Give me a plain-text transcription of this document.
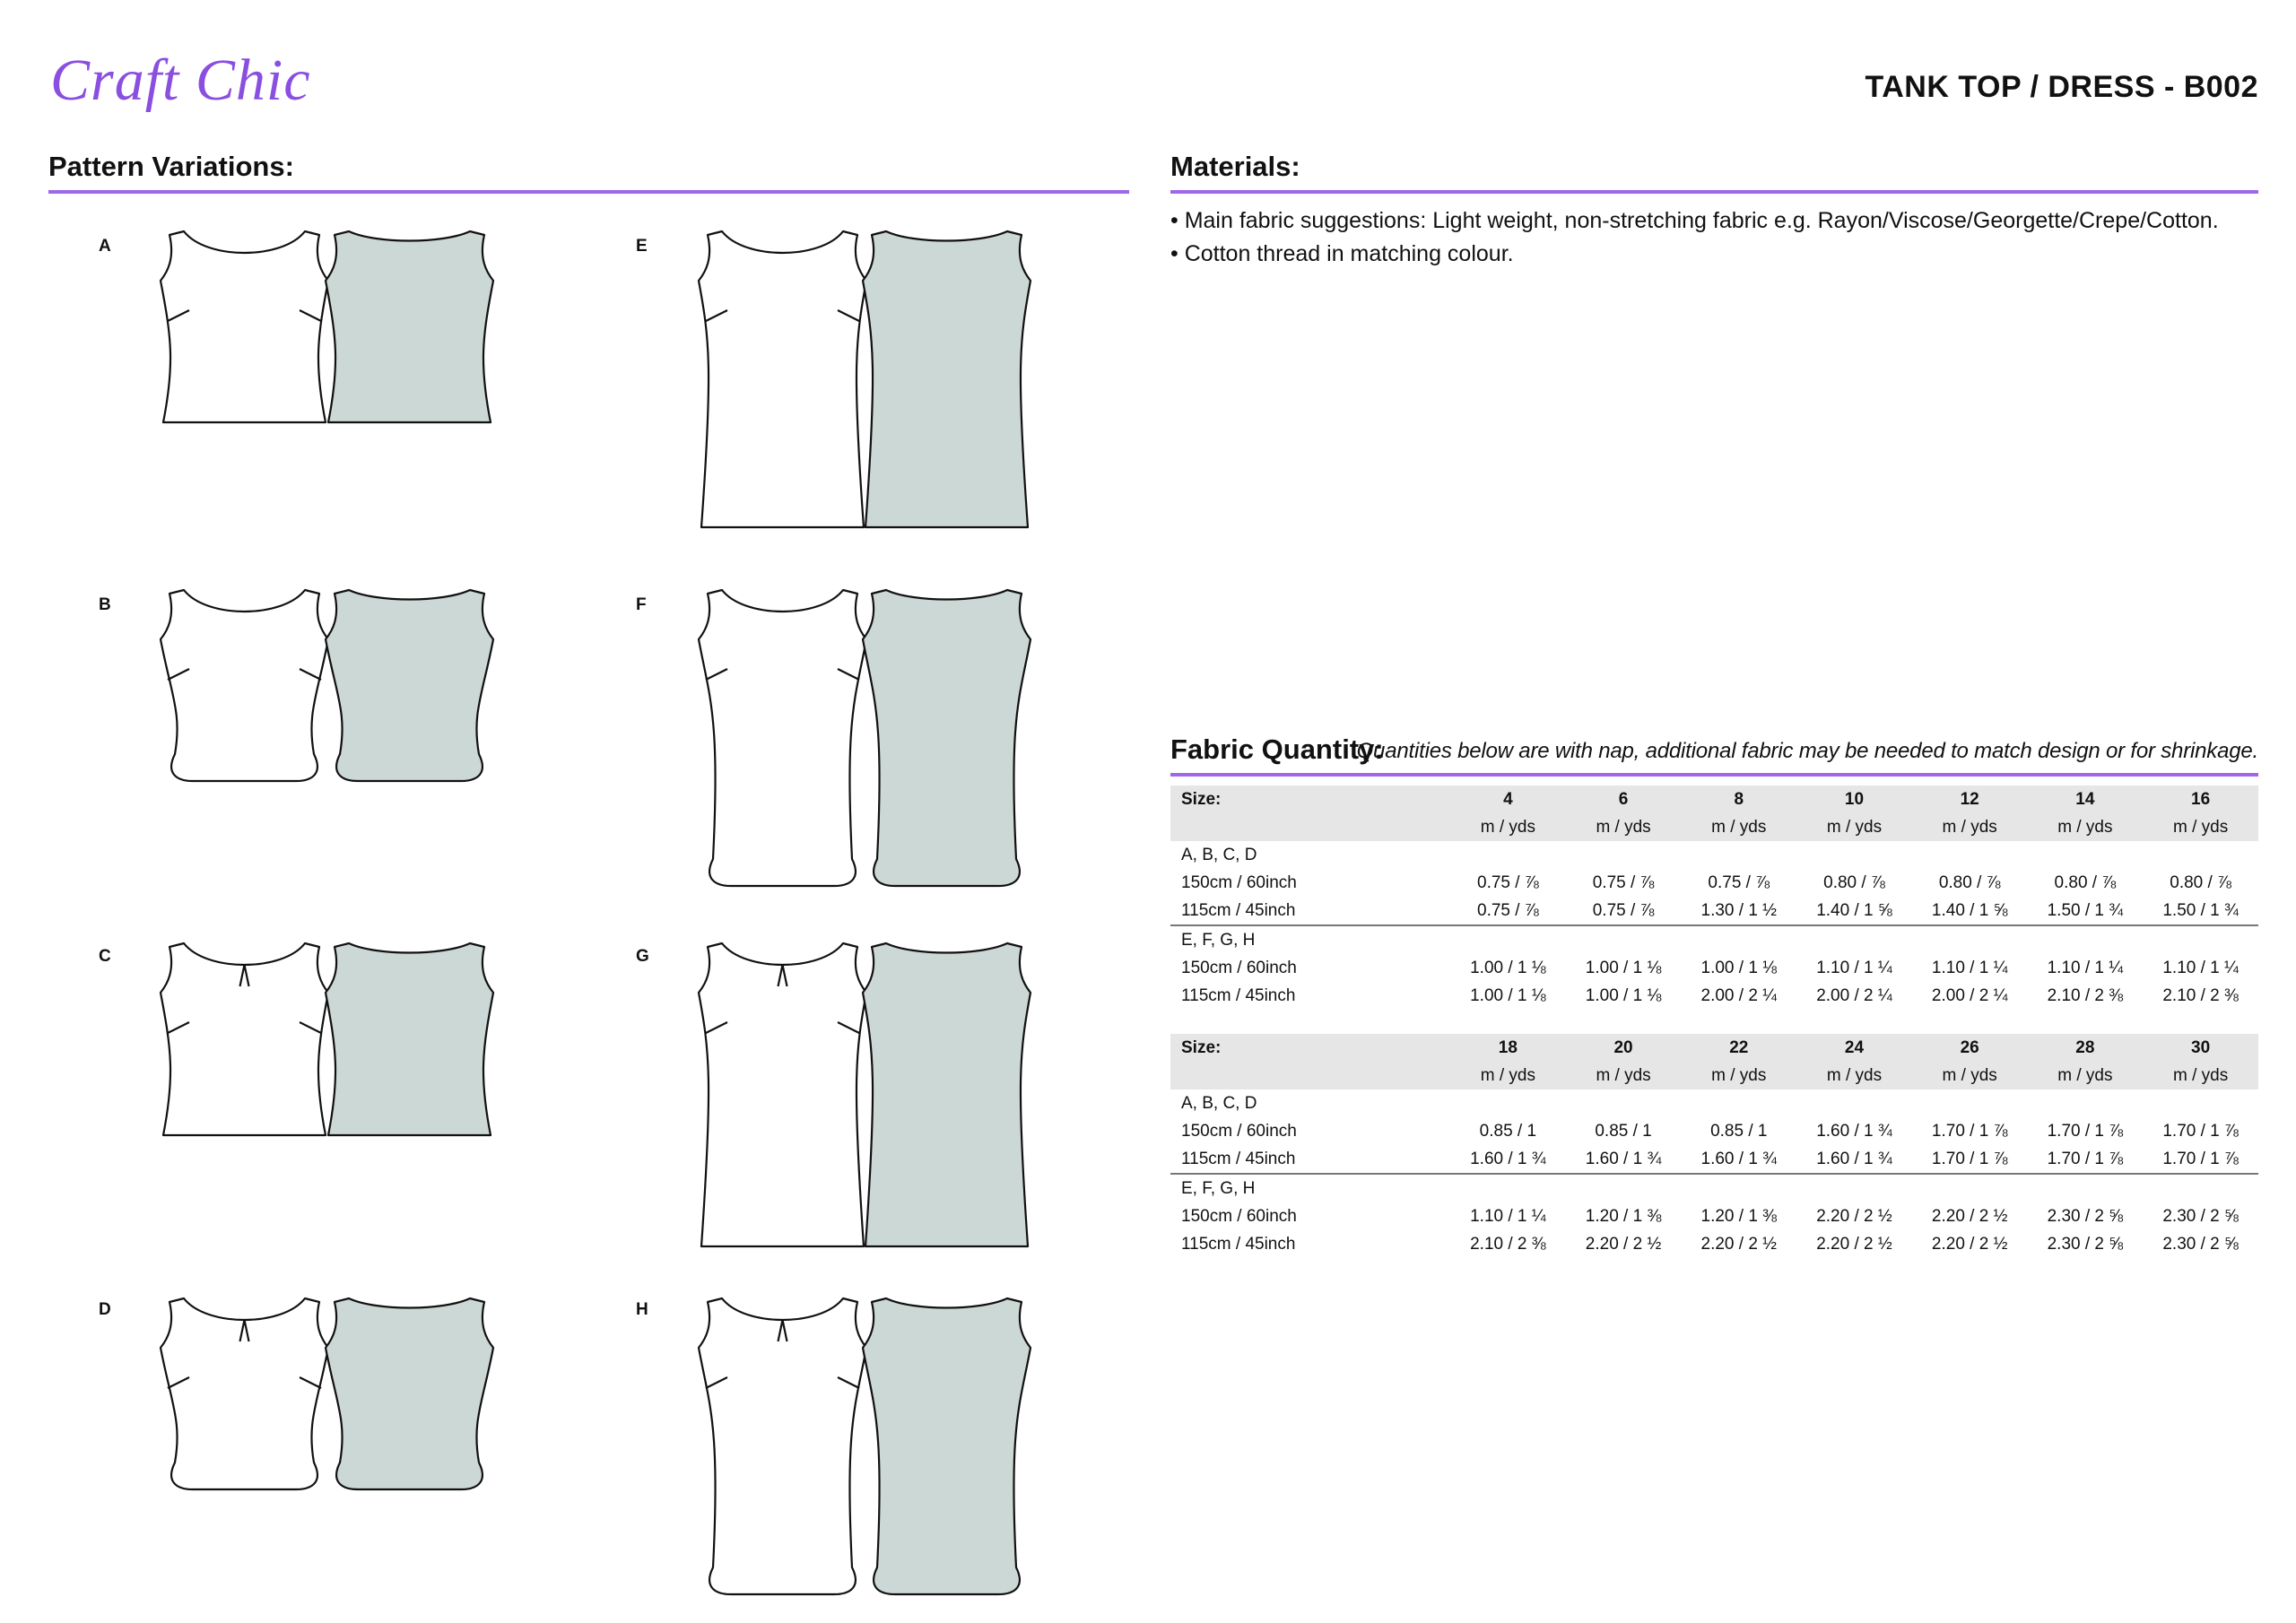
Craft Chic	TANK TOP / DRESS - B002
Pattern Variations:	Materials:
• Main fabric suggestions: Light weight, non-stretching fabric e.g. Rayon/Viscose/Georgette/Crepe/Cotton.
• Cotton thread in matching colour.
Fabric Quantity:
Quantities below are with nap, additional fabric may be needed to match design or for shrinkage.
A
B
C
D
E
F
G
H
Size:	4	6	8	10	12	14	16
	m / yds	m / yds	m / yds	m / yds	m / yds	m / yds	m / yds
A, B, C, D							
150cm / 60inch	0.75 / ⅞	0.75 / ⅞	0.75 / ⅞	0.80 / ⅞	0.80 / ⅞	0.80 / ⅞	0.80 / ⅞
115cm / 45inch	0.75 / ⅞	0.75 / ⅞	1.30 / 1 ½	1.40 / 1 ⅝	1.40 / 1 ⅝	1.50 / 1 ¾	1.50 / 1 ¾
E, F, G, H							
150cm / 60inch	1.00 / 1 ⅛	1.00 / 1 ⅛	1.00 / 1 ⅛	1.10 / 1 ¼	1.10 / 1 ¼	1.10 / 1 ¼	1.10 / 1 ¼
115cm / 45inch	1.00 / 1 ⅛	1.00 / 1 ⅛	2.00 / 2 ¼	2.00 / 2 ¼	2.00 / 2 ¼	2.10 / 2 ⅜	2.10 / 2 ⅜
Size:	18	20	22	24	26	28	30
	m / yds	m / yds	m / yds	m / yds	m / yds	m / yds	m / yds
A, B, C, D							
150cm / 60inch	0.85 / 1	0.85 / 1	0.85 / 1	1.60 / 1 ¾	1.70 / 1 ⅞	1.70 / 1 ⅞	1.70 / 1 ⅞
115cm / 45inch	1.60 / 1 ¾	1.60 / 1 ¾	1.60 / 1 ¾	1.60 / 1 ¾	1.70 / 1 ⅞	1.70 / 1 ⅞	1.70 / 1 ⅞
E, F, G, H							
150cm / 60inch	1.10 / 1 ¼	1.20 / 1 ⅜	1.20 / 1 ⅜	2.20 / 2 ½	2.20 / 2 ½	2.30 / 2 ⅝	2.30 / 2 ⅝
115cm / 45inch	2.10 / 2 ⅜	2.20 / 2 ½	2.20 / 2 ½	2.20 / 2 ½	2.20 / 2 ½	2.30 / 2 ⅝	2.30 / 2 ⅝
